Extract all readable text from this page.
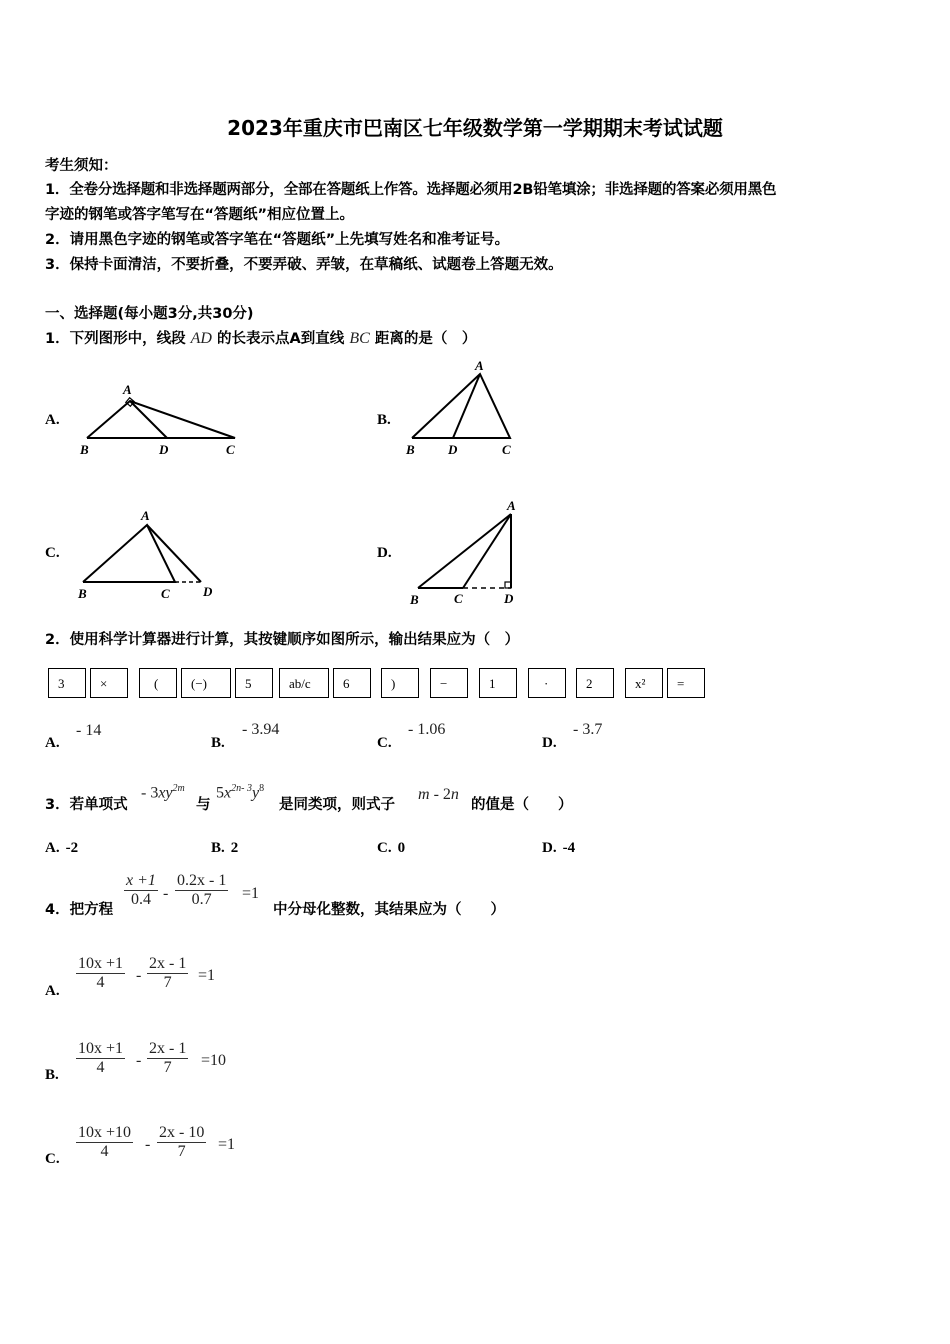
2023年重庆市巴南区七年级数学第一学期期末考试试题
考生须知：
1．全卷分选择题和非选择题两部分，全部在答题纸上作答。选择题必须用2B铅笔填涂；非选择题的答案必须用黑色
字迹的钢笔或答字笔写在“答题纸”相应位置上。
2．请用黑色字迹的钢笔或答字笔在“答题纸”上先填写姓名和准考证号。
3．保持卡面清洁，不要折叠，不要弄破、弄皱，在草稿纸、试题卷上答题无效。
一、选择题(每小题3分,共30分)
1．下列图形中，线段 AD 的长表示点A到直线 BC 距离的是（　）
A.	B.
C.	D.
A
B	D	C
A
B	D	C
A
B	C	D
A
B	C	D
2．使用科学计算器进行计算，其按键顺序如图所示，输出结果应为（　）
3	×	(	(−)	5	ab/c 6	)	−	1	·	2	x² =
A.
- 14
B.
- 3.94
C.
- 1.06
D.
- 3.7
3．若单项式
- $3xy^{2m}$
与
$5x^{2n- 3}y^8$
是同类项，则式子
m - 2n
的值是（　　）
A. -2	B. 2	C. 0	D. -4
4．把方程
$\frac{x +1}{0.4} - \frac{0.2x - 1}{0.7} =1$
中分母化整数，其结果应为（　　）
A. $\frac{10x +1}{4} - \frac{2x - 1}{7} =1$
B. $\frac{10x +1}{4} - \frac{2x - 1}{7} =10$
C. $\frac{10x +10}{4} - \frac{2x - 10}{7} =1$
